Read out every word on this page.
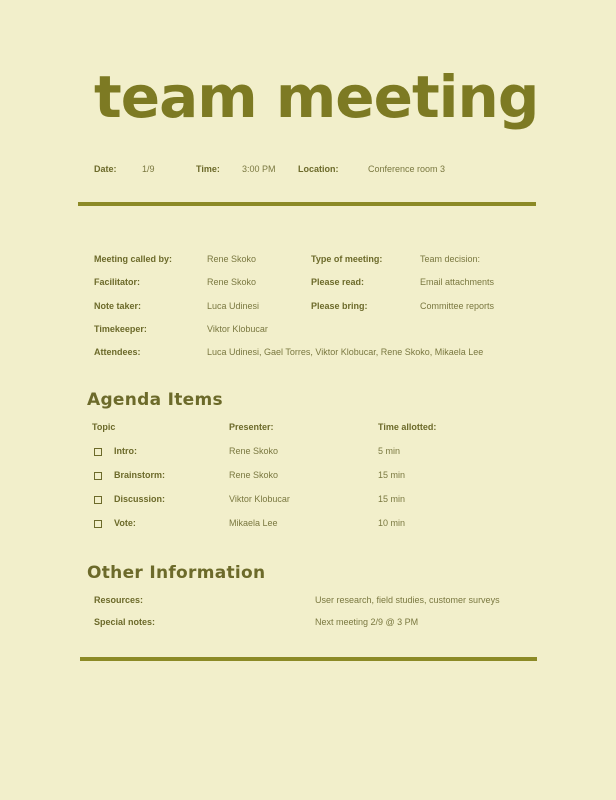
team meeting
Date:	1/9	Time: 3:00 PM Location:	Conference room 3
Meeting called by:	Rene Skoko	Type of meeting:	Team decision:
Facilitator:	Rene Skoko	Please read:	Email attachments
Note taker:	Luca Udinesi	Please bring:	Committee reports
Timekeeper:	Viktor Klobucar
Attendees:	Luca Udinesi, Gael Torres, Viktor Klobucar, Rene Skoko, Mikaela Lee
Agenda Items
Topic	Presenter:	Time allotted:
Intro:	Rene Skoko	5 min
Brainstorm:	Rene Skoko	15 min
Discussion:	Viktor Klobucar	15 min
Vote:	Mikaela Lee	10 min
Other Information
Resources:	User research, field studies, customer surveys
Special notes:	Next meeting 2/9 @ 3 PM
